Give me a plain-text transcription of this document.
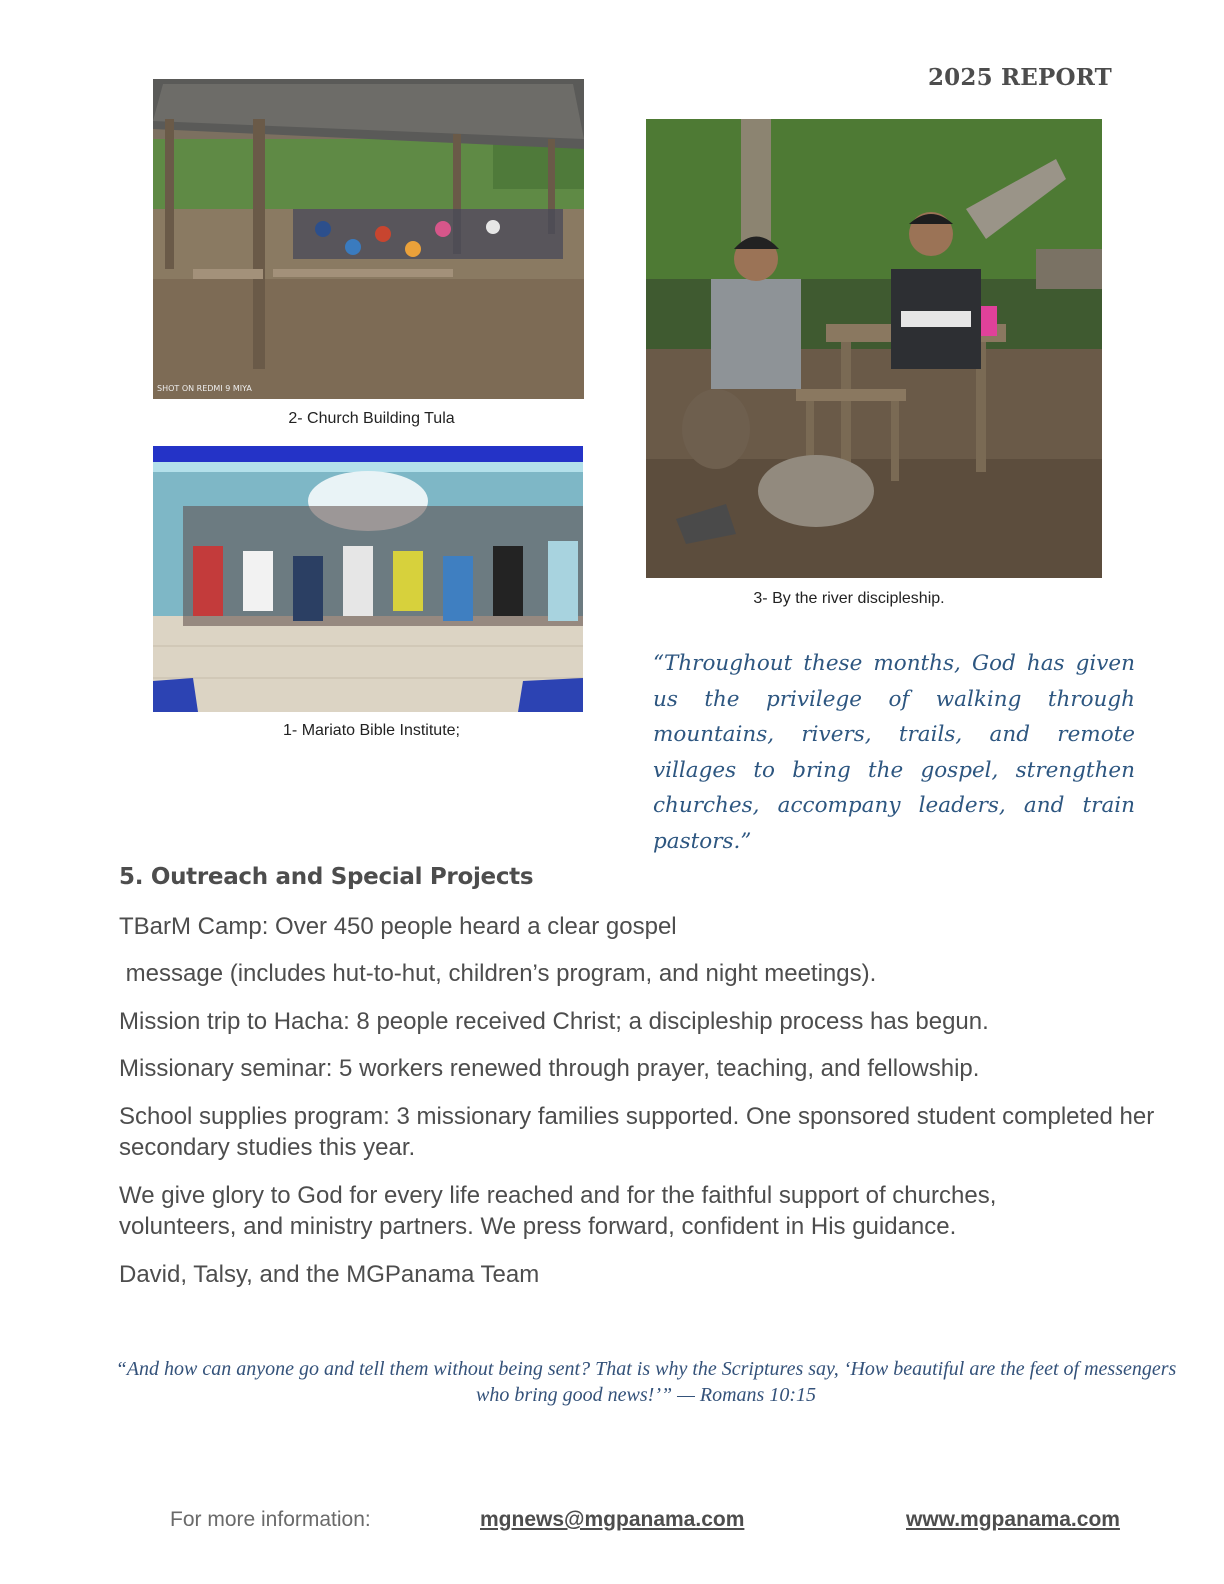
2025 REPORT
SHOT ON REDMI 9 MIYA
2- Church Building Tula
1- Mariato Bible Institute;
3- By the river discipleship.
“Throughout these months, God has given us the privilege of walking through mountains, rivers, trails, and remote villages to bring the gospel, strengthen churches, accompany leaders, and train pastors.”
5. Outreach and Special Projects
TBarM Camp: Over 450 people heard a clear gospel
message (includes hut-to-hut, children’s program, and night meetings).
Mission trip to Hacha: 8 people received Christ; a discipleship process has begun.
Missionary seminar: 5 workers renewed through prayer, teaching, and fellowship.
School supplies program: 3 missionary families supported. One sponsored student completed her secondary studies this year.
We give glory to God for every life reached and for the faithful support of churches, volunteers, and ministry partners. We press forward, confident in His guidance.
David, Talsy, and the MGPanama Team
“And how can anyone go and tell them without being sent? That is why the Scriptures say, ‘How beautiful are the feet of messengers who bring good news!’” — Romans 10:15
For more information:	mgnews@mgpanama.com	www.mgpanama.com
